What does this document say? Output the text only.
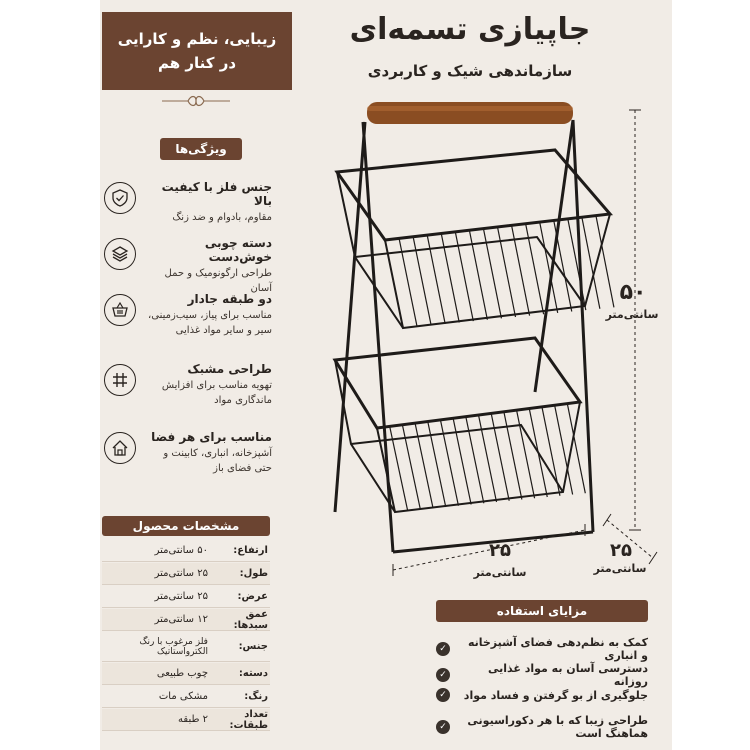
زیبایی، نظم و کارایی
در کنار هم
جاپیازی تسمه‌ای
سازماندهی شیک و کاربردی
ویژگی‌ها
جنس فلز با کیفیت بالا
مقاوم، بادوام و ضد زنگ
دسته چوبی خوش‌دست
طراحی ارگونومیک و حمل آسان
دو طبقه جادار
مناسب برای پیاز، سیب‌زمینی، سیر و سایر مواد غذایی
طراحی مشبک
تهویه مناسب برای افزایش ماندگاری مواد
مناسب برای هر فضا
آشپزخانه، انباری، کابینت و حتی فضای باز
مشخصات محصول
ارتفاع:
۵۰ سانتی‌متر
طول:
۲۵ سانتی‌متر
عرض:
۲۵ سانتی‌متر
عمق سبدها:
۱۲ سانتی‌متر
جنس:
فلز مرغوب با رنگ الکترواستاتیک
دسته:
چوب طبیعی
رنگ:
مشکی مات
تعداد طبقات:
۲ طبقه
۵۰
سانتی‌متر
۲۵
سانتی‌متر
۲۵
سانتی‌متر
مزایای استفاده
کمک به نظم‌دهی فضای آشپزخانه و انباری
✓
دسترسی آسان به مواد غذایی روزانه
✓
جلوگیری از بو گرفتن و فساد مواد
✓
طراحی زیبا که با هر دکوراسیونی هماهنگ است
✓
